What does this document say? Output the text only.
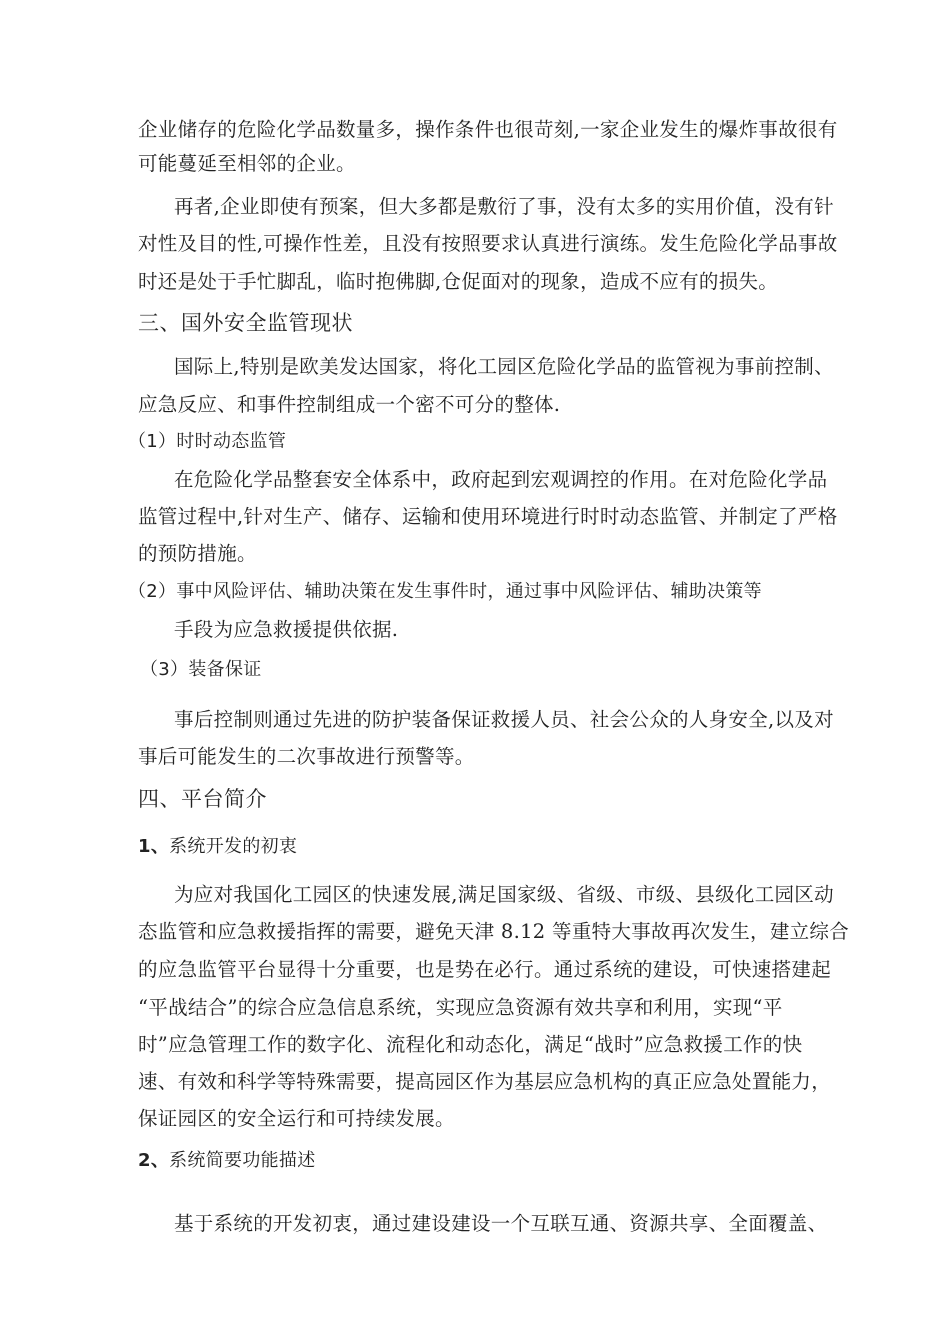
企业储存的危险化学品数量多，操作条件也很苛刻,一家企业发生的爆炸事故很有
可能蔓延至相邻的企业。
再者,企业即使有预案，但大多都是敷衍了事，没有太多的实用价值，没有针
对性及目的性,可操作性差，且没有按照要求认真进行演练。发生危险化学品事故
时还是处于手忙脚乱，临时抱佛脚,仓促面对的现象，造成不应有的损失。
三、国外安全监管现状
国际上,特别是欧美发达国家，将化工园区危险化学品的监管视为事前控制、
应急反应、和事件控制组成一个密不可分的整体.
（1）时时动态监管
在危险化学品整套安全体系中，政府起到宏观调控的作用。在对危险化学品
监管过程中,针对生产、储存、运输和使用环境进行时时动态监管、并制定了严格
的预防措施。
（2）事中风险评估、辅助决策在发生事件时，通过事中风险评估、辅助决策等
手段为应急救援提供依据.
（3）装备保证
事后控制则通过先进的防护装备保证救援人员、社会公众的人身安全,以及对
事后可能发生的二次事故进行预警等。
四、平台简介
1、系统开发的初衷
为应对我国化工园区的快速发展,满足国家级、省级、市级、县级化工园区动
态监管和应急救援指挥的需要，避免天津 8.12 等重特大事故再次发生，建立综合
的应急监管平台显得十分重要，也是势在必行。通过系统的建设，可快速搭建起
“平战结合”的综合应急信息系统，实现应急资源有效共享和利用，实现“平
时”应急管理工作的数字化、流程化和动态化，满足“战时”应急救援工作的快
速、有效和科学等特殊需要，提高园区作为基层应急机构的真正应急处置能力，
保证园区的安全运行和可持续发展。
2、系统简要功能描述
基于系统的开发初衷，通过建设建设一个互联互通、资源共享、全面覆盖、
